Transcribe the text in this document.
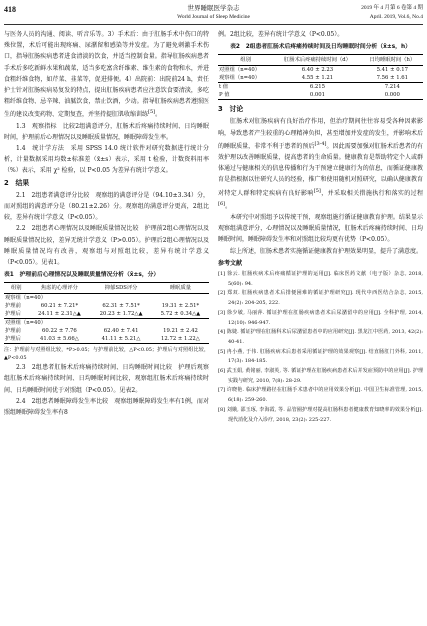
418	世界睡眠医学杂志
World Journal of Sleep Medicine
2019 年 4 月第 6 卷第 4 期
April. 2019, Vol.6, No.4

与医务人员的沟通、阅读、听音乐等。3）手术后：由于肛肠手术中伤口的特殊位置，术后可能出现疼痛、尿潴留和感染等并发症。为了避免刺激手术伤口，指导肛肠疾病患者进食清淡的饮食，并适当控制食量。指导肛肠疾病患者手术后多吃新鲜水果和蔬菜，适当多吃富含纤维素、维生素的食物和水，并进食粗纤维食物，如芹菜、韭菜等，促进排便。4）出院前：出院前24 h，责任护士针对肛肠疾病易复发的特点，提出肛肠疾病患者应注意饮食要清淡，多吃粗纤维食物、忌辛辣、油腻饮食，禁止饮酒，少动。指导肛肠疾病患者遵照医生的建议改变药物、定期复查，并坚持提肛肌收缩训练[5]。

1.3　观察指标　比较2组满意评分，肛肠术后疼痛持续时间、日均睡眠时间，护理前后心理情况以及睡眠质量情况，睡眠障碍发生率。

1.4　统计学方法　采用 SPSS 14.0 统计软件对研究数据进行统计分析，计量数据采用均数±标准差（x̄±s）表示，采用 t 检验，计数资料用率（%）表示，采用 χ² 检验，以 P<0.05 为差异有统计学意义。

2　结果

2.1　2组患者满意评分比较　观察组的满意评分是（94.10±3.34）分，而对照组的满意评分是（80.21±2.26）分。观察组的满意评分更高，2组比较，差异有统计学意义（P<0.05）。

2.2　2组患者心理情况以及睡眠质量情况比较　护理前2组心理情况以及睡眠质量情况比较，差异无统计学意义（P>0.05）。护理后2组心理情况以及睡眠质量情况均有改善，观察组与对照组比较，差异有统计学意义（P<0.05）。见表1。

表1　护理前后心理情况以及睡眠质量情况分析（x̄±s，分）
组别	焦虑的心理评分	抑郁SDS评分	睡眠质量
观察组（n=40）			
护理前	60.21 ± 7.21*	62.31 ± 7.51*	19.31 ± 2.51*
护理后	24.11 ± 2.31△▲	20.23 ± 1.72△▲	5.72 ± 0.34△▲
对照组（n=40）			
护理前	60.22 ± 7.76	62.40 ± 7.41	19.21 ± 2.42
护理后	41.03 ± 5.66△	41.11 ± 5.21△	12.72 ± 1.22△
注：护理前与对照组比较，*P>0.05；与护理前比较，△P<0.05；护理后与对照组比较，▲P<0.05

2.3　2组患者肛肠术后疼痛持续时间、日均睡眠时间比较　护理后观察组肛肠术后疼痛持续时间、日均睡眠时间比较，观察组肛肠术后疼痛持续时间、日均睡眠时间优于对照组（P<0.05）。见表2。

2.4　2组患者睡眠障碍发生率比较　观察组睡眠障碍发生率有1例，而对照组睡眠障碍发生率有8

例。2组比较，差异有统计学意义（P<0.05）。

表2　2组患者肛肠术后疼痛持续时间及日均睡眠时间分析（x̄±s，h）
组别	肛肠术后疼痛持续时间（d）	日均睡眠时间（h）
对照组（n=40）	6.40 ± 2.23	5.41 ± 0.17
观察组（n=40）	4.55 ± 1.21	7.56 ± 1.61
t 值	6.215	7.214
P 值	0.001	0.000
3　讨论

肛肠术对肛肠疾病有良好治疗作用，但治疗期间往往容易受各种因素影响，导致患者产生较重的心理精神负担，甚至增加并发症的发生，并影响术后的睡眠质量，非常不利于患者的预后[3-4]。因此需要加强对肛肠术后患者的有效护理以改善睡眠质量，提高患者的生命质量。健康教育是帮助特定个人或群体通过与健康相关的信息传播和行为干预建立健康行为的信息，而循证健康教育是指根据以往研究人员的经验，推广和使用随机对照研究，以确认健康教育对特定人群和特定疾病有良好影响[5]，并采取相关措施执行和落实的过程[6]。

本研究中对照组予以传统干预，观察组施行循证健康教育护理。结果显示观察组满意评分，心理情况以及睡眠质量情况，肛肠术后疼痛持续时间、日均睡眠时间，睡眠障碍发生率和对照组比较均更有优势（P<0.05）。

综上所述，肛肠术患者实施循证健康教育护理效果明显，提升了满意度。

参考文献
[1] 徐云. 肛肠疾病术后疼痛循证护理的运用[J]. 临床医药文献（电子版）杂志, 2018, 5(60): 94.
[2] 郑双. 肛肠疾病患者术后排便困难的循证护理研究[J]. 现代中西医结合杂志, 2015, 24(2): 204-205, 222.
[3] 徐少敏, 马丽萍. 循证护理在肛肠疾病患者术后尿潴留中的应用[J]. 全科护理, 2014, 12(10): 946-947.
[4] 陈婕. 循证护理在肛肠科术后尿潴留患者中的应用研究[J]. 黑龙江中医药, 2013, 42(2): 40-41.
[5] 冉小燕, 于伟. 肛肠疾病术后患者采用循证护理的效果观察[J]. 结直肠肛门外科, 2011, 17(3): 184-185.
[6] 武玉娟, 黄铭丽, 李淑英, 等. 循证护理在肛肠疾病患者术后并发症预防中的应用[J]. 护理实践与研究, 2010, 7(8): 28-29.
[7] 许晓艳. 临床护理路径在肛肠手术患者中的应用效果分析[J]. 中国卫生标准管理, 2015, 6(18): 259-260.
[8] 刘娥, 邵玉琢, 李海霞, 等. 品管圈护理对提高肛肠科患者健康教育知晓率的效果分析[J]. 现代消化及介入诊疗, 2018, 23(2): 225-227.
